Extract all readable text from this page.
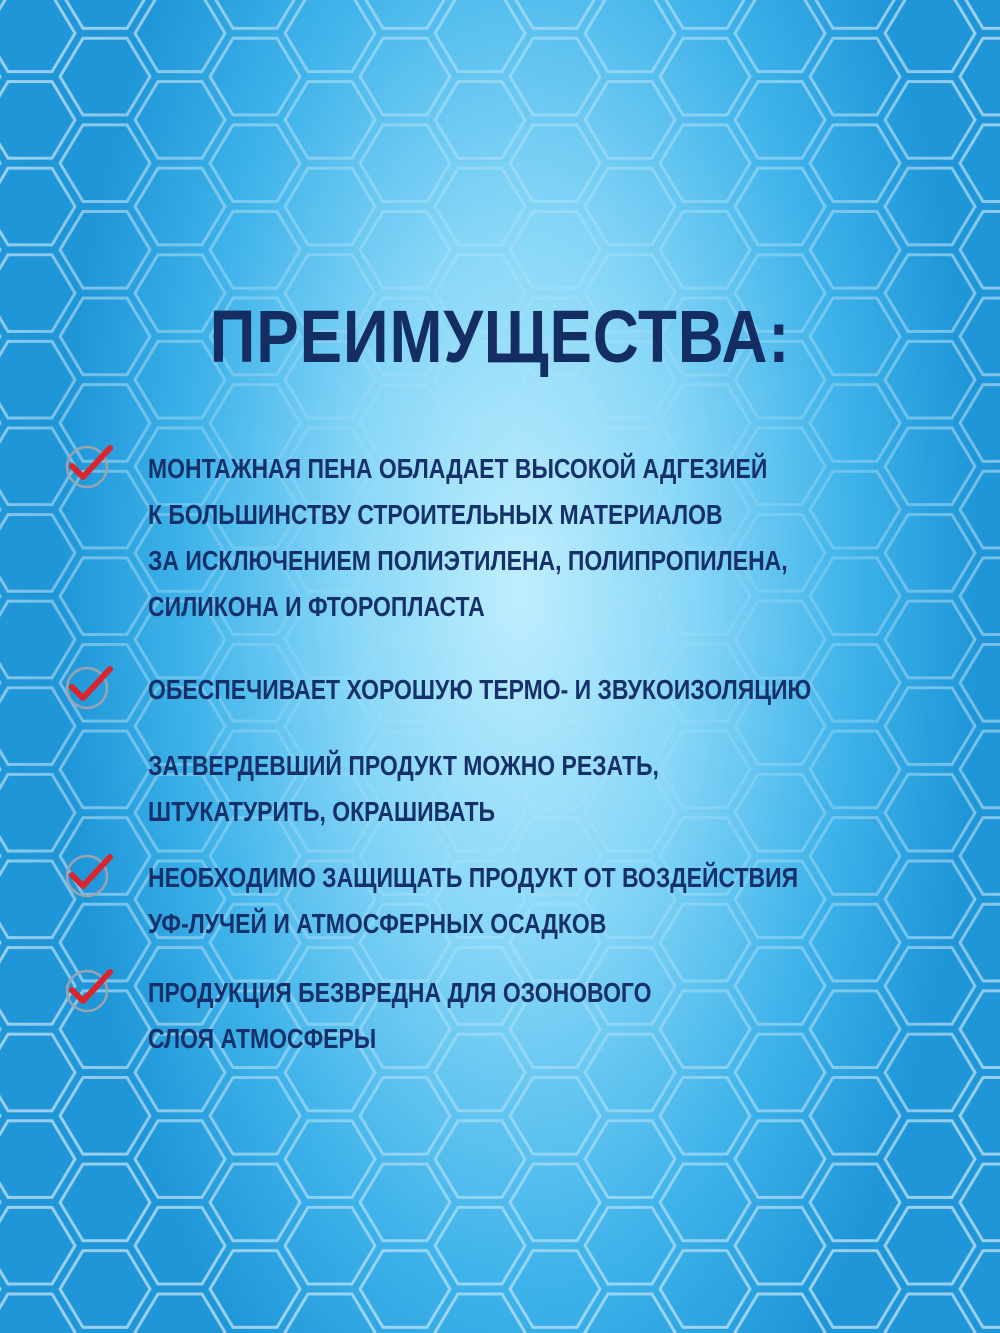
ПРЕИМУЩЕСТВА:
МОНТАЖНАЯ ПЕНА ОБЛАДАЕТ ВЫСОКОЙ АДГЕЗИЕЙ
К БОЛЬШИНСТВУ СТРОИТЕЛЬНЫХ МАТЕРИАЛОВ
ЗА ИСКЛЮЧЕНИЕМ ПОЛИЭТИЛЕНА, ПОЛИПРОПИЛЕНА,
СИЛИКОНА И ФТОРОПЛАСТА
ОБЕСПЕЧИВАЕТ ХОРОШУЮ ТЕРМО- И ЗВУКОИЗОЛЯЦИЮ
ЗАТВЕРДЕВШИЙ ПРОДУКТ МОЖНО РЕЗАТЬ,
ШТУКАТУРИТЬ, ОКРАШИВАТЬ
НЕОБХОДИМО ЗАЩИЩАТЬ ПРОДУКТ ОТ ВОЗДЕЙСТВИЯ
УФ-ЛУЧЕЙ И АТМОСФЕРНЫХ ОСАДКОВ
ПРОДУКЦИЯ БЕЗВРЕДНА ДЛЯ ОЗОНОВОГО
СЛОЯ АТМОСФЕРЫ
